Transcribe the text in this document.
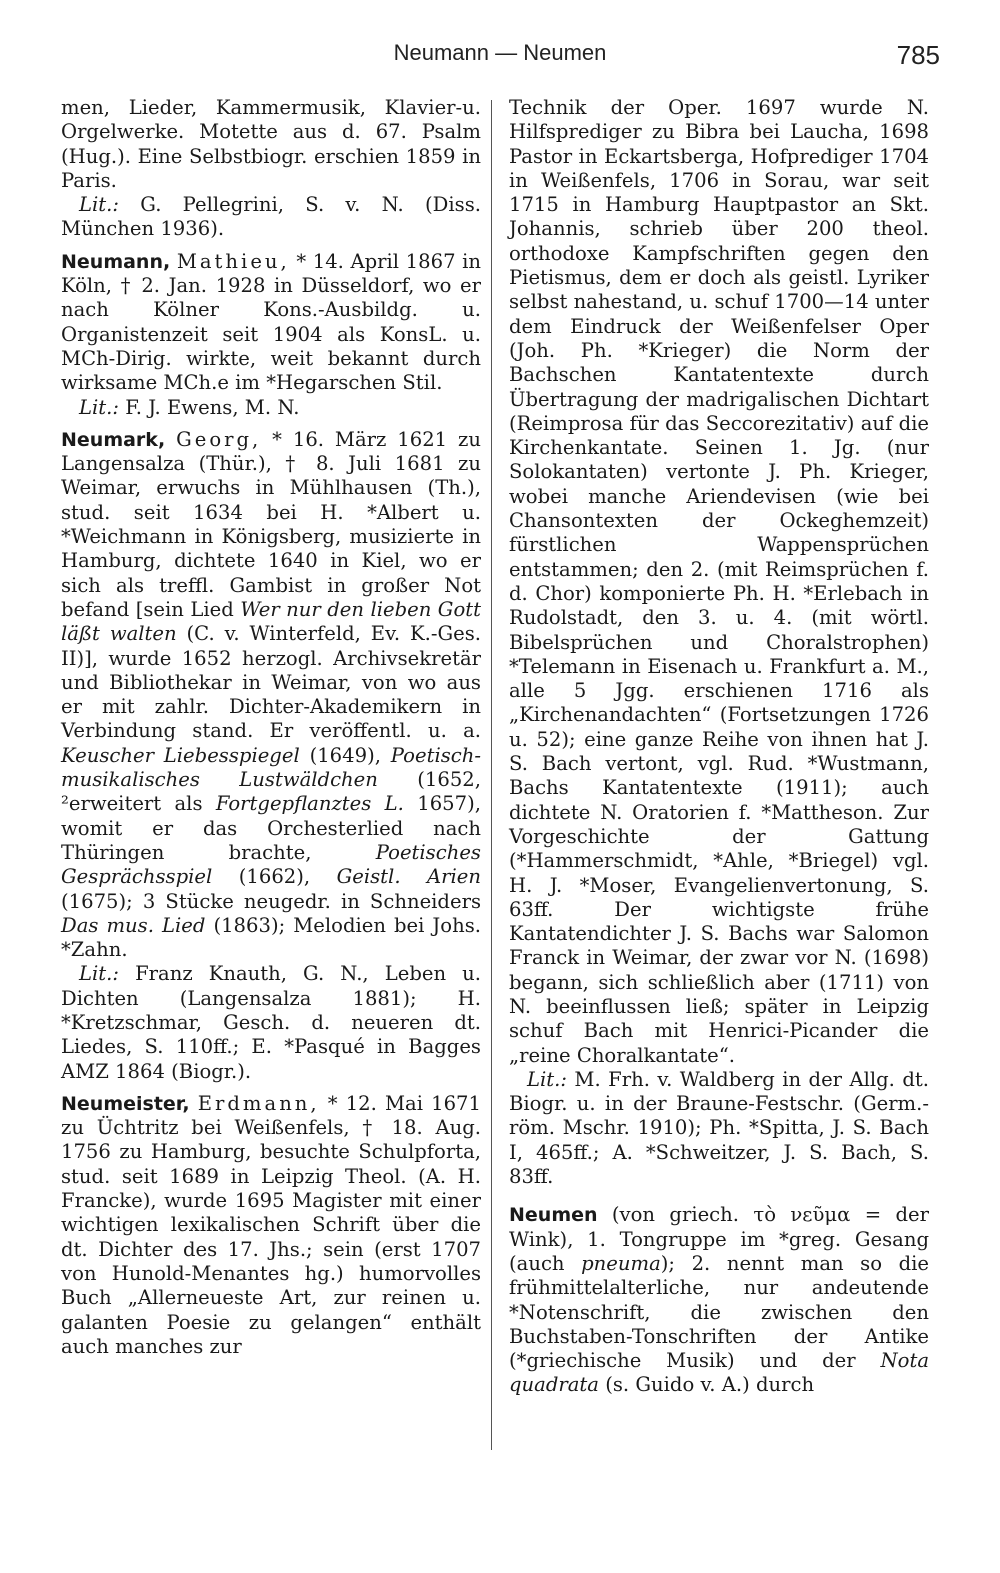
Neumann — Neumen	785

men, Lieder, Kammermusik, Klavier-u. Orgelwerke. Motette aus d. 67. Psalm (Hug.). Eine Selbstbiogr. erschien 1859 in Paris.
Lit.: G. Pellegrini, S. v. N. (Diss. München 1936).

Neumann, Mathieu, * 14. April 1867 in Köln, † 2. Jan. 1928 in Düsseldorf, wo er nach Kölner Kons.-Ausbildg. u. Organistenzeit seit 1904 als KonsL. u. MCh-Dirig. wirkte, weit bekannt durch wirksame MCh.e im *Hegarschen Stil.
Lit.: F. J. Ewens, M. N.

Neumark, Georg, * 16. März 1621 zu Langensalza (Thür.), † 8. Juli 1681 zu Weimar, erwuchs in Mühlhausen (Th.), stud. seit 1634 bei H. *Albert u. *Weichmann in Königsberg, musizierte in Hamburg, dichtete 1640 in Kiel, wo er sich als treffl. Gambist in großer Not befand [sein Lied Wer nur den lieben Gott läßt walten (C. v. Winterfeld, Ev. K.-Ges. II)], wurde 1652 herzogl. Archivsekretär und Bibliothekar in Weimar, von wo aus er mit zahlr. Dichter-Akademikern in Verbindung stand. Er veröffentl. u. a. Keuscher Liebesspiegel (1649), Poetisch-musikalisches Lustwäldchen (1652, ²erweitert als Fortgepflanztes L. 1657), womit er das Orchesterlied nach Thüringen brachte,	Poetisches Gesprächsspiel (1662), Geistl. Arien (1675); 3 Stücke neugedr. in Schneiders Das mus. Lied (1863); Melodien bei Johs. *Zahn.
Lit.: Franz Knauth, G. N., Leben u. Dichten (Langensalza 1881); H. *Kretzschmar, Gesch. d. neueren dt. Liedes, S. 110ff.; E. *Pasqué in Bagges AMZ 1864 (Biogr.).

Neumeister, Erdmann, * 12. Mai 1671 zu Üchtritz bei Weißenfels, † 18. Aug. 1756 zu Hamburg, besuchte Schulpforta, stud. seit 1689 in Leipzig Theol. (A. H. Francke), wurde 1695 Magister mit einer wichtigen lexikalischen Schrift über die dt. Dichter des 17. Jhs.; sein (erst 1707 von Hunold-Menantes hg.) humorvolles Buch „Allerneueste Art, zur reinen u. galanten Poesie zu gelangen“ enthält auch manches zur

Technik der Oper. 1697 wurde N. Hilfsprediger zu Bibra bei Laucha, 1698 Pastor in Eckartsberga, Hofprediger 1704 in Weißenfels, 1706 in Sorau, war seit 1715 in Hamburg Hauptpastor an Skt. Johannis, schrieb über 200 theol. orthodoxe Kampfschriften gegen den Pietismus, dem er doch als geistl. Lyriker selbst nahestand, u. schuf 1700—14 unter dem Eindruck der Weißenfelser Oper (Joh. Ph. *Krieger) die Norm der Bachschen Kantatentexte durch Übertragung der madrigalischen Dichtart (Reimprosa für das Seccorezitativ) auf die Kirchenkantate. Seinen 1. Jg. (nur Solokantaten) vertonte J. Ph. Krieger, wobei manche Ariendevisen (wie bei Chansontexten der Ockeghemzeit) fürstlichen Wappensprüchen entstammen; den 2. (mit Reimsprüchen f. d. Chor) komponierte Ph. H. *Erlebach in Rudolstadt, den 3. u. 4. (mit wörtl. Bibelsprüchen und Choralstrophen) *Telemann in Eisenach u. Frankfurt a. M., alle 5 Jgg. erschienen 1716 als „Kirchenandachten“ (Fortsetzungen 1726 u. 52); eine ganze Reihe von ihnen hat J. S. Bach vertont, vgl. Rud. *Wustmann, Bachs Kantatentexte (1911); auch dichtete N. Oratorien f. *Mattheson. Zur Vorgeschichte der Gattung (*Hammerschmidt, *Ahle, *Briegel) vgl. H. J. *Moser, Evangelienvertonung, S. 63ff. Der wichtigste frühe Kantatendichter J. S. Bachs war Salomon Franck in Weimar, der zwar vor N. (1698) begann, sich schließlich aber (1711) von N. beeinflussen ließ; später in Leipzig schuf Bach mit Henrici-Picander die „reine Choralkantate“.
Lit.: M. Frh. v. Waldberg in der Allg. dt. Biogr. u. in der Braune-Festschr. (Germ.-röm. Mschr. 1910); Ph. *Spitta, J. S. Bach I, 465ff.; A. *Schweitzer, J. S. Bach, S. 83ff.

Neumen (von griech. τὸ νεῦμα = der Wink), 1. Tongruppe im *greg. Gesang (auch pneuma); 2. nennt man so die frühmittelalterliche, nur andeutende *Notenschrift, die zwischen den Buchstaben-Tonschriften der Antike (*griechische Musik) und der Nota quadrata (s. Guido v. A.) durch
